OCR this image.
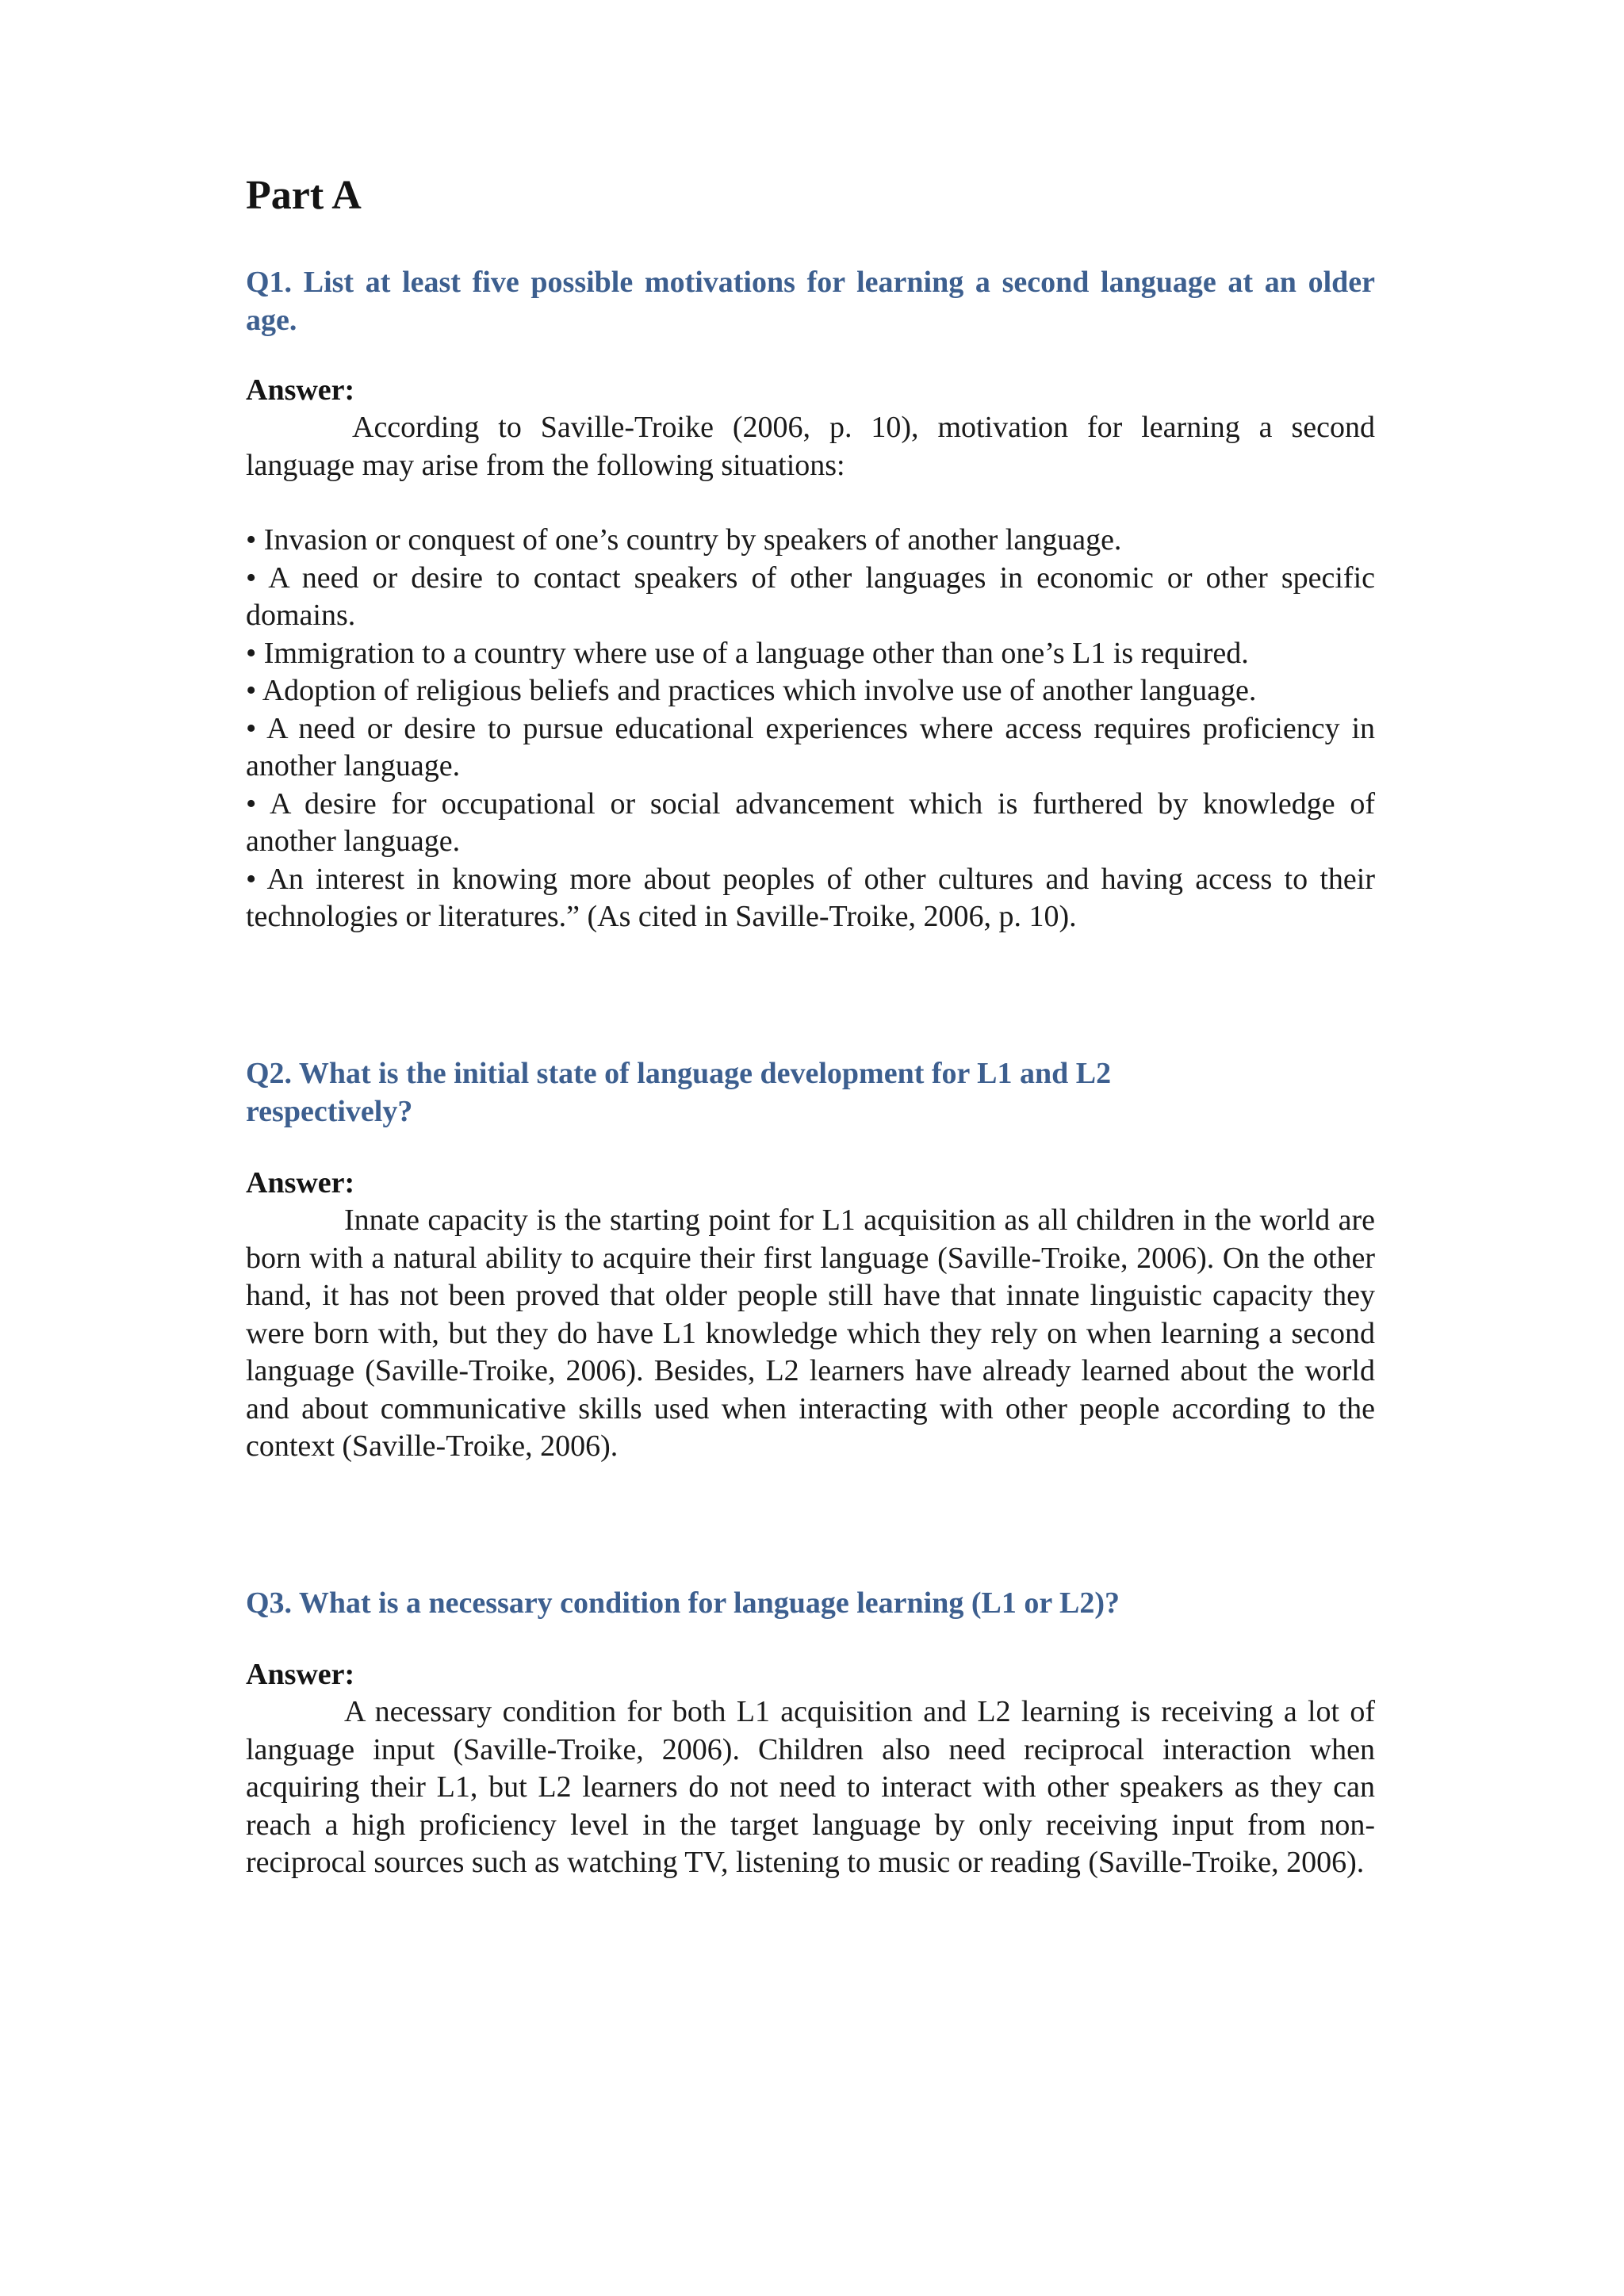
Part A

Q1. List at least five possible motivations for learning a second language at an older age.

Answer:

According to Saville-Troike (2006, p. 10), motivation for learning a second language may arise from the following situations:

• Invasion or conquest of one’s country by speakers of another language.
• A need or desire to contact speakers of other languages in economic or other specific domains.
• Immigration to a country where use of a language other than one’s L1 is required.
• Adoption of religious beliefs and practices which involve use of another language.
• A need or desire to pursue educational experiences where access requires proficiency in another language.
• A desire for occupational or social advancement which is furthered by knowledge of another language.
• An interest in knowing more about peoples of other cultures and having access to their technologies or literatures.” (As cited in Saville-Troike, 2006, p. 10).

Q2. What is the initial state of language development for L1 and L2 respectively?

Answer:

Innate capacity is the starting point for L1 acquisition as all children in the world are born with a natural ability to acquire their first language (Saville-Troike, 2006). On the other hand, it has not been proved that older people still have that innate linguistic capacity they were born with, but they do have L1 knowledge which they rely on when learning a second language (Saville-Troike, 2006). Besides, L2 learners have already learned about the world and about communicative skills used when interacting with other people according to the context (Saville-Troike, 2006).

Q3. What is a necessary condition for language learning (L1 or L2)?

Answer:

A necessary condition for both L1 acquisition and L2 learning is receiving a lot of language input (Saville-Troike, 2006). Children also need reciprocal interaction when acquiring their L1, but L2 learners do not need to interact with other speakers as they can reach a high proficiency level in the target language by only receiving input from non-reciprocal sources such as watching TV, listening to music or reading (Saville-Troike, 2006).
